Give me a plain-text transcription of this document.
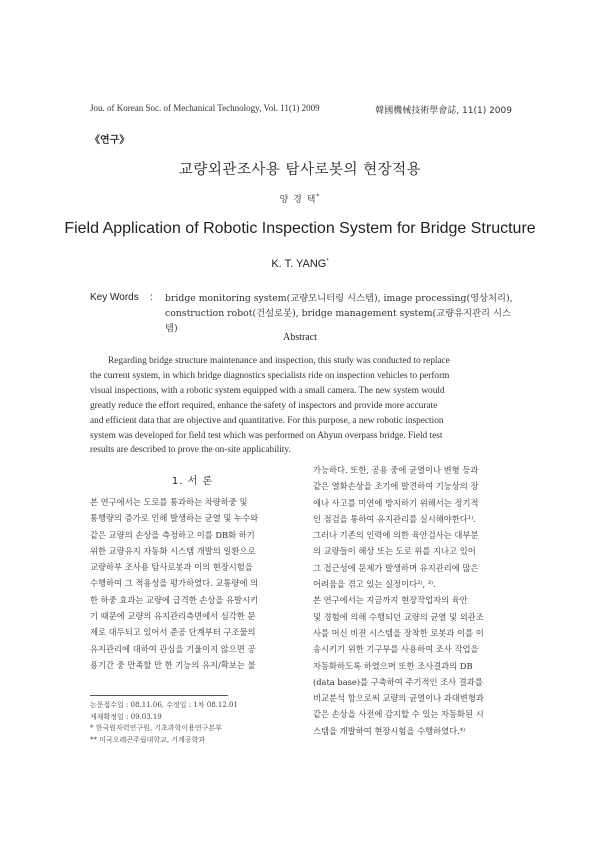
Jou. of Korean Soc. of Mechanical Technology, Vol. 11(1) 2009	韓國機械技術學會誌, 11(1) 2009
《연구》
교량외관조사용 탐사로봇의 현장적용
양 경 택*
Field Application of Robotic Inspection System for Bridge Structure
K. T. YANG*
Key Words : bridge monitoring system(교량모니터링 시스템), image processing(영상처리),
construction robot(건설로봇), bridge management system(교량유지관리 시스템)
Abstract
Regarding bridge structure maintenance and inspection, this study was conducted to replace
the current system, in which bridge diagnostics specialists ride on inspection vehicles to perform
visual inspections, with a robotic system equipped with a small camera. The new system would
greatly reduce the effort required, enhance the safety of inspectors and provide more accurate
and efficient data that are objective and quantitative. For this purpose, a new robotic inspection
system was developed for field test which was performed on Ahyun overpass bridge. Field test
results are described to prove the on-site applicability.
1. 서 론
본 연구에서는 도로를 통과하는 차량하중 및
통행량의 증가로 인해 발생하는 균열 및 누수와
같은 교량의 손상을 측정하고 이를 DB화 하기
위한 교량유지 자동화 시스템 개발의 일환으로
교량하부 조사용 탐사로봇과 이의 현장시험을
수행하여 그 적용성을 평가하였다. 교통량에 의
한 하중 효과는 교량에 급격한 손상을 유발시키
기 때문에 교량의 유지관리측면에서 심각한 문
제로 대두되고 있어서 준공 단계부터 구조물의
유지관리에 대하여 관심을 기울이지 않으면 공
용기간 중 만족할 만 한 기능의 유지/확보는 불
가능하다. 또한, 공용 중에 균열이나 변형 등과
같은 열화손상을 조기에 발견하여 기능상의 장
애나 사고를 미연에 방지하기 위해서는 정기적
인 점검을 통하여 유지관리를 실시해야한다¹⁾.
그러나 기존의 인력에 의한 육안검사는 대부분
의 교량들이 해상 또는 도로 위를 지나고 있어
그 접근성에 문제가 발생하며 유지관리에 많은
어려움을 겪고 있는 실정이다²⁾, ³⁾.
본 연구에서는 지금까지 현장작업자의 육안
및 경험에 의해 수행되던 교량의 균열 및 외관조
사를 머신 비젼 시스템을 장착한 로봇과 이를 이
송시키기 위한 기구부를 사용하여 조사 작업을
자동화하도록 하였으며 또한 조사결과의 DB
(data base)를 구축하여 주기적인 조사 결과를
비교분석 함으로써 교량의 균열이나 과대변형과
같은 손상을 사전에 감지할 수 있는 자동화된 시
스템을 개발하여 현장시험을 수행하였다.⁴⁾
논문접수일 : 08.11.06, 수정일 : 1차 08.12.01
게재확정일 : 09.03.19
* 한국원자력연구원, 기초과학이용연구본부
** 미국오레곤주립대학교, 기계공학과
